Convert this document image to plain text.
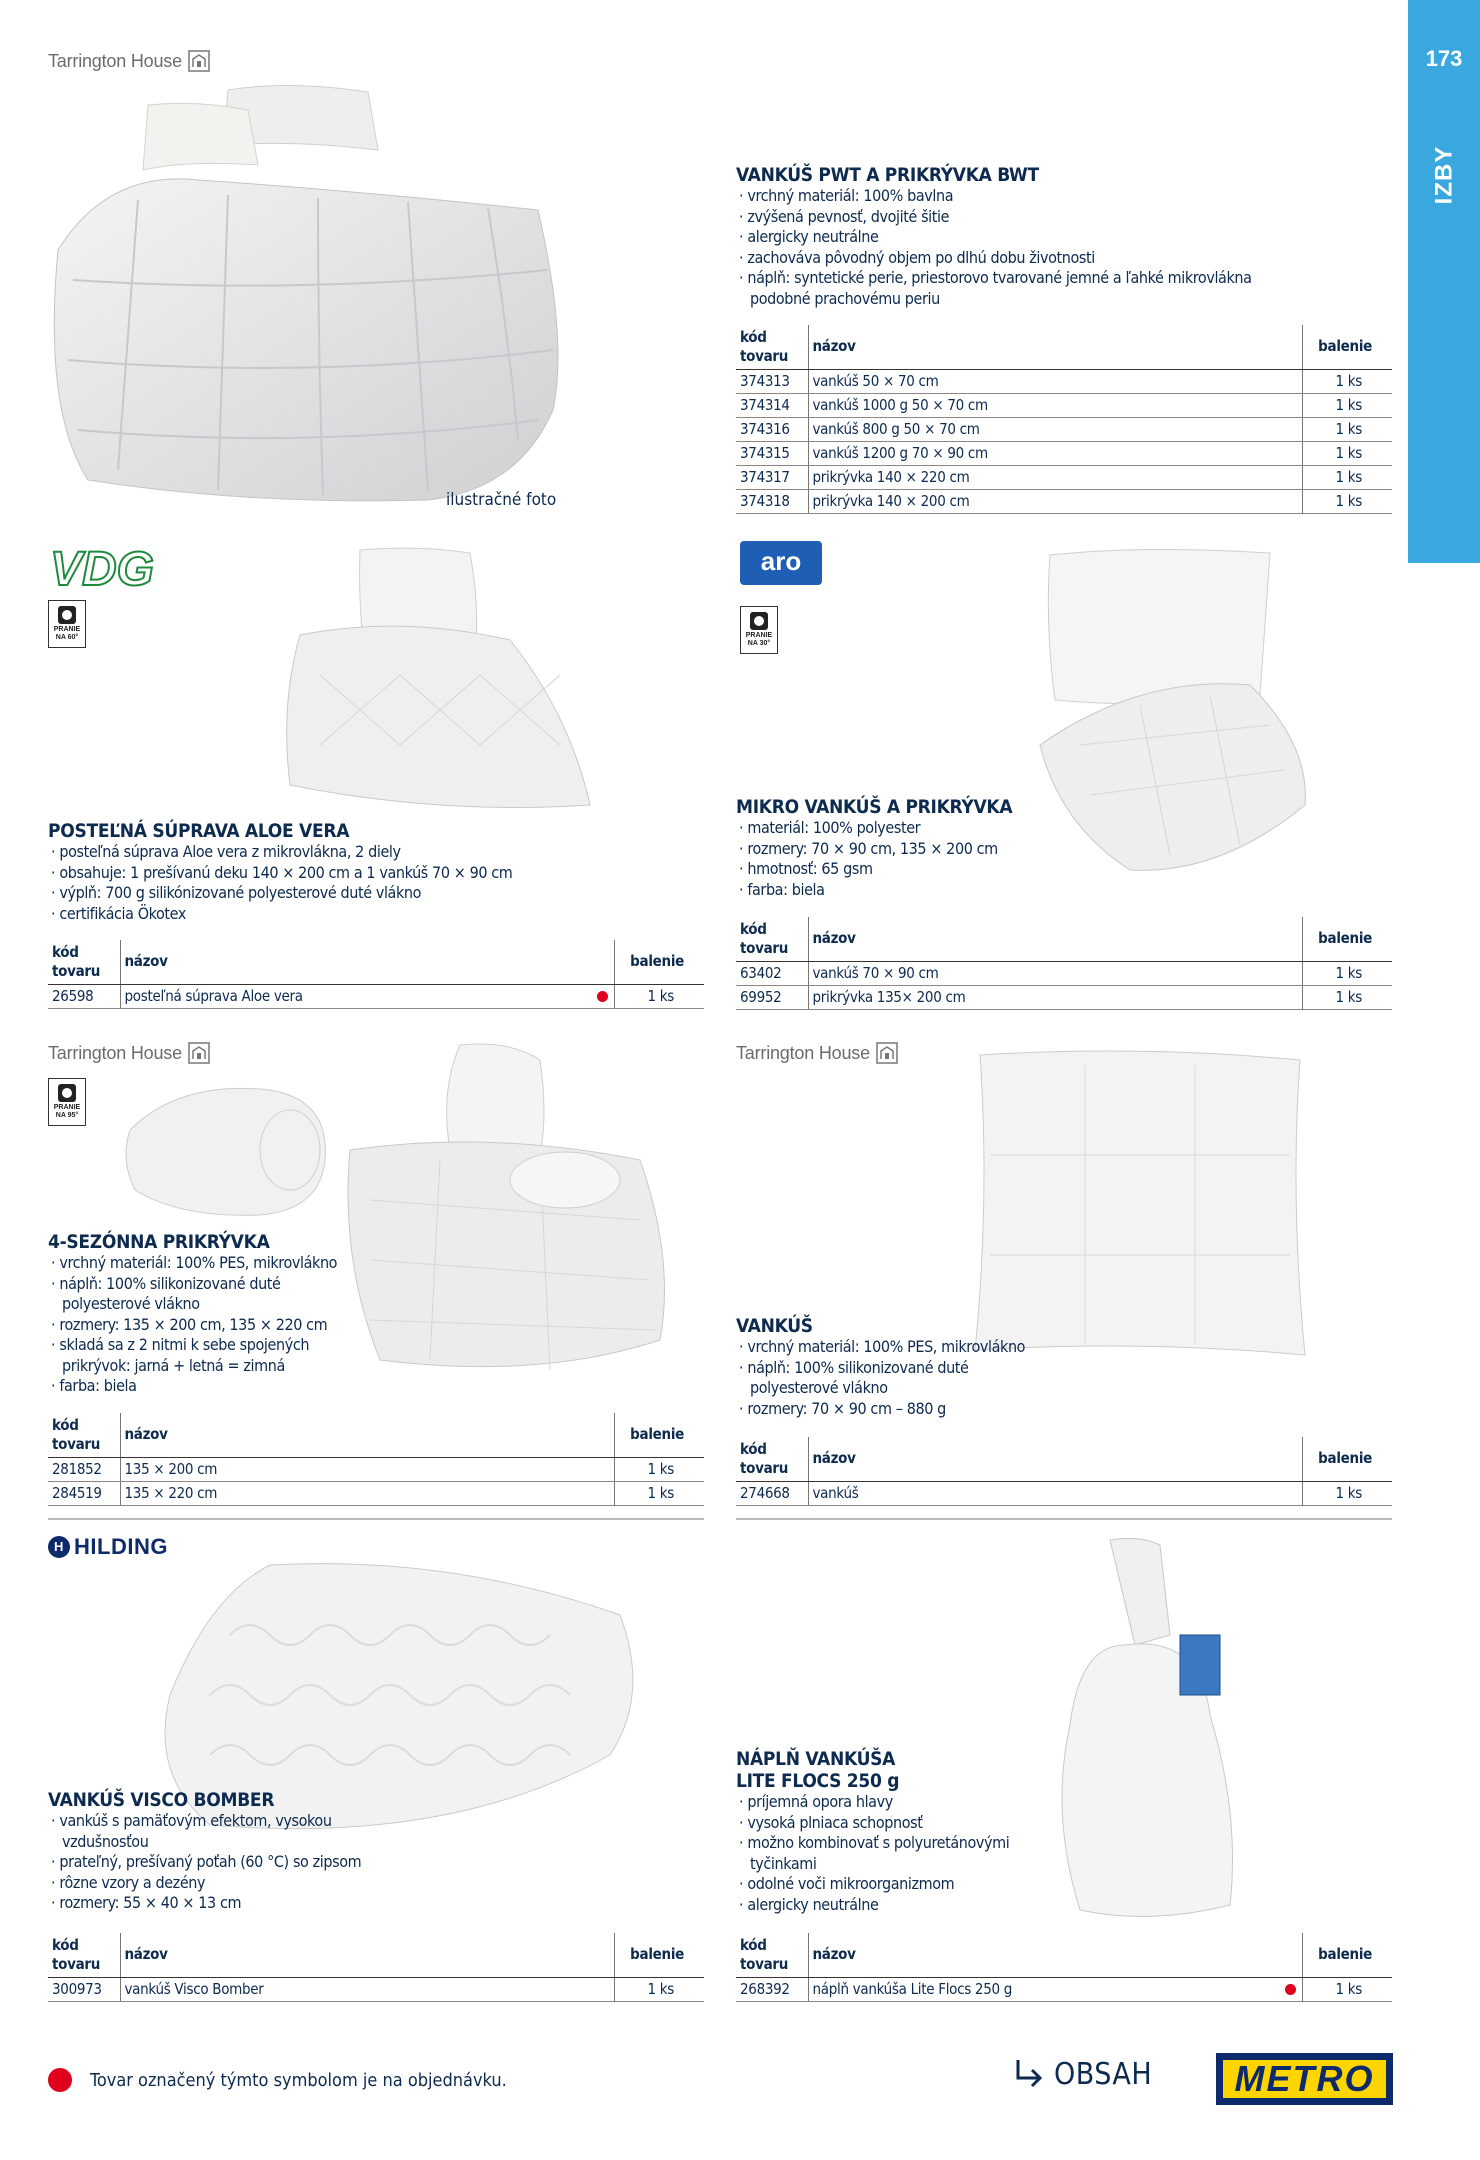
173
IZBY
Tarrington House
ilustračné foto
VANKÚŠ PWT A PRIKRÝVKA BWT
· vrchný materiál: 100% bavlna
· zvýšená pevnosť, dvojité šitie
· alergicky neutrálne
· zachováva pôvodný objem po dlhú dobu životnosti
· náplň: syntetické perie, priestorovo tvarované jemné a ľahké mikrovlákna podobné prachovému periu
kód tovaru	názov	balenie
374313	vankúš 50 × 70 cm	1 ks
374314	vankúš 1000 g 50 × 70 cm	1 ks
374316	vankúš 800 g 50 × 70 cm	1 ks
374315	vankúš 1200 g 70 × 90 cm	1 ks
374317	prikrývka 140 × 220 cm	1 ks
374318	prikrývka 140 × 200 cm	1 ks
VDG
PRANIE NA 60°
POSTEĽNÁ SÚPRAVA ALOE VERA
· posteľná súprava Aloe vera z mikrovlákna, 2 diely
· obsahuje: 1 prešívanú deku 140 × 200 cm a 1 vankúš 70 × 90 cm
· výplň: 700 g silikónizované polyesterové duté vlákno
· certifikácia Ökotex
kód tovaru	názov		balenie
26598	posteľná súprava Aloe vera		1 ks
aro
PRANIE NA 30°
MIKRO VANKÚŠ A PRIKRÝVKA
· materiál: 100% polyester
· rozmery: 70 × 90 cm, 135 × 200 cm
· hmotnosť: 65 gsm
· farba: biela
kód tovaru	názov	balenie
63402	vankúš 70 × 90 cm	1 ks
69952	prikrývka 135× 200 cm	1 ks
Tarrington House
PRANIE NA 95°
4-SEZÓNNA PRIKRÝVKA
· vrchný materiál: 100% PES, mikrovlákno
· náplň: 100% silikonizované duté polyesterové vlákno
· rozmery: 135 × 200 cm, 135 × 220 cm
· skladá sa z 2 nitmi k sebe spojených prikrývok: jarná + letná = zimná
· farba: biela
kód tovaru	názov	balenie
281852	135 × 200 cm	1 ks
284519	135 × 220 cm	1 ks
Tarrington House
VANKÚŠ
· vrchný materiál: 100% PES, mikrovlákno
· náplň: 100% silikonizované duté polyesterové vlákno
· rozmery: 70 × 90 cm – 880 g
kód tovaru	názov	balenie
274668	vankúš	1 ks
H HILDING
VANKÚŠ VISCO BOMBER
· vankúš s pamäťovým efektom, vysokou vzdušnosťou
· prateľný, prešívaný poťah (60 °C) so zipsom
· rôzne vzory a dezény
· rozmery: 55 × 40 × 13 cm
kód tovaru	názov	balenie
300973	vankúš Visco Bomber	1 ks
NÁPLŇ VANKÚŠA
LITE FLOCS 250 g
· príjemná opora hlavy
· vysoká plniaca schopnosť
· možno kombinovať s polyuretánovými tyčinkami
· odolné voči mikroorganizmom
· alergicky neutrálne
kód tovaru	názov		balenie
268392	náplň vankúša Lite Flocs 250 g		1 ks
Tovar označený týmto symbolom je na objednávku.	OBSAH	METRO
